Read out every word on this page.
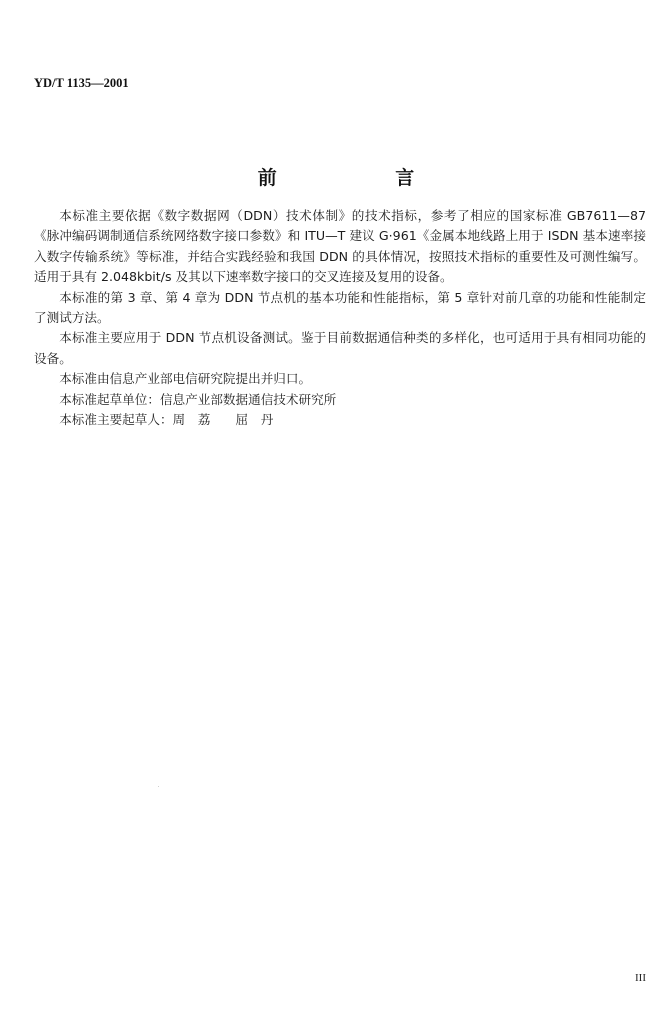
YD/T 1135—2001
前 言

本标准主要依据《数字数据网（DDN）技术体制》的技术指标，参考了相应的国家标准 GB7611—87《脉冲编码调制通信系统网络数字接口参数》和 ITU—T 建议 G·961《金属本地线路上用于 ISDN 基本速率接入数字传输系统》等标准，并结合实践经验和我国 DDN 的具体情况，按照技术指标的重要性及可测性编写。适用于具有 2.048kbit/s 及其以下速率数字接口的交叉连接及复用的设备。

本标准的第 3 章、第 4 章为 DDN 节点机的基本功能和性能指标，第 5 章针对前几章的功能和性能制定了测试方法。

本标准主要应用于 DDN 节点机设备测试。鉴于目前数据通信种类的多样化，也可适用于具有相同功能的设备。

本标准由信息产业部电信研究院提出并归口。

本标准起草单位：信息产业部数据通信技术研究所

本标准主要起草人：周　荔　　屈　丹

III
